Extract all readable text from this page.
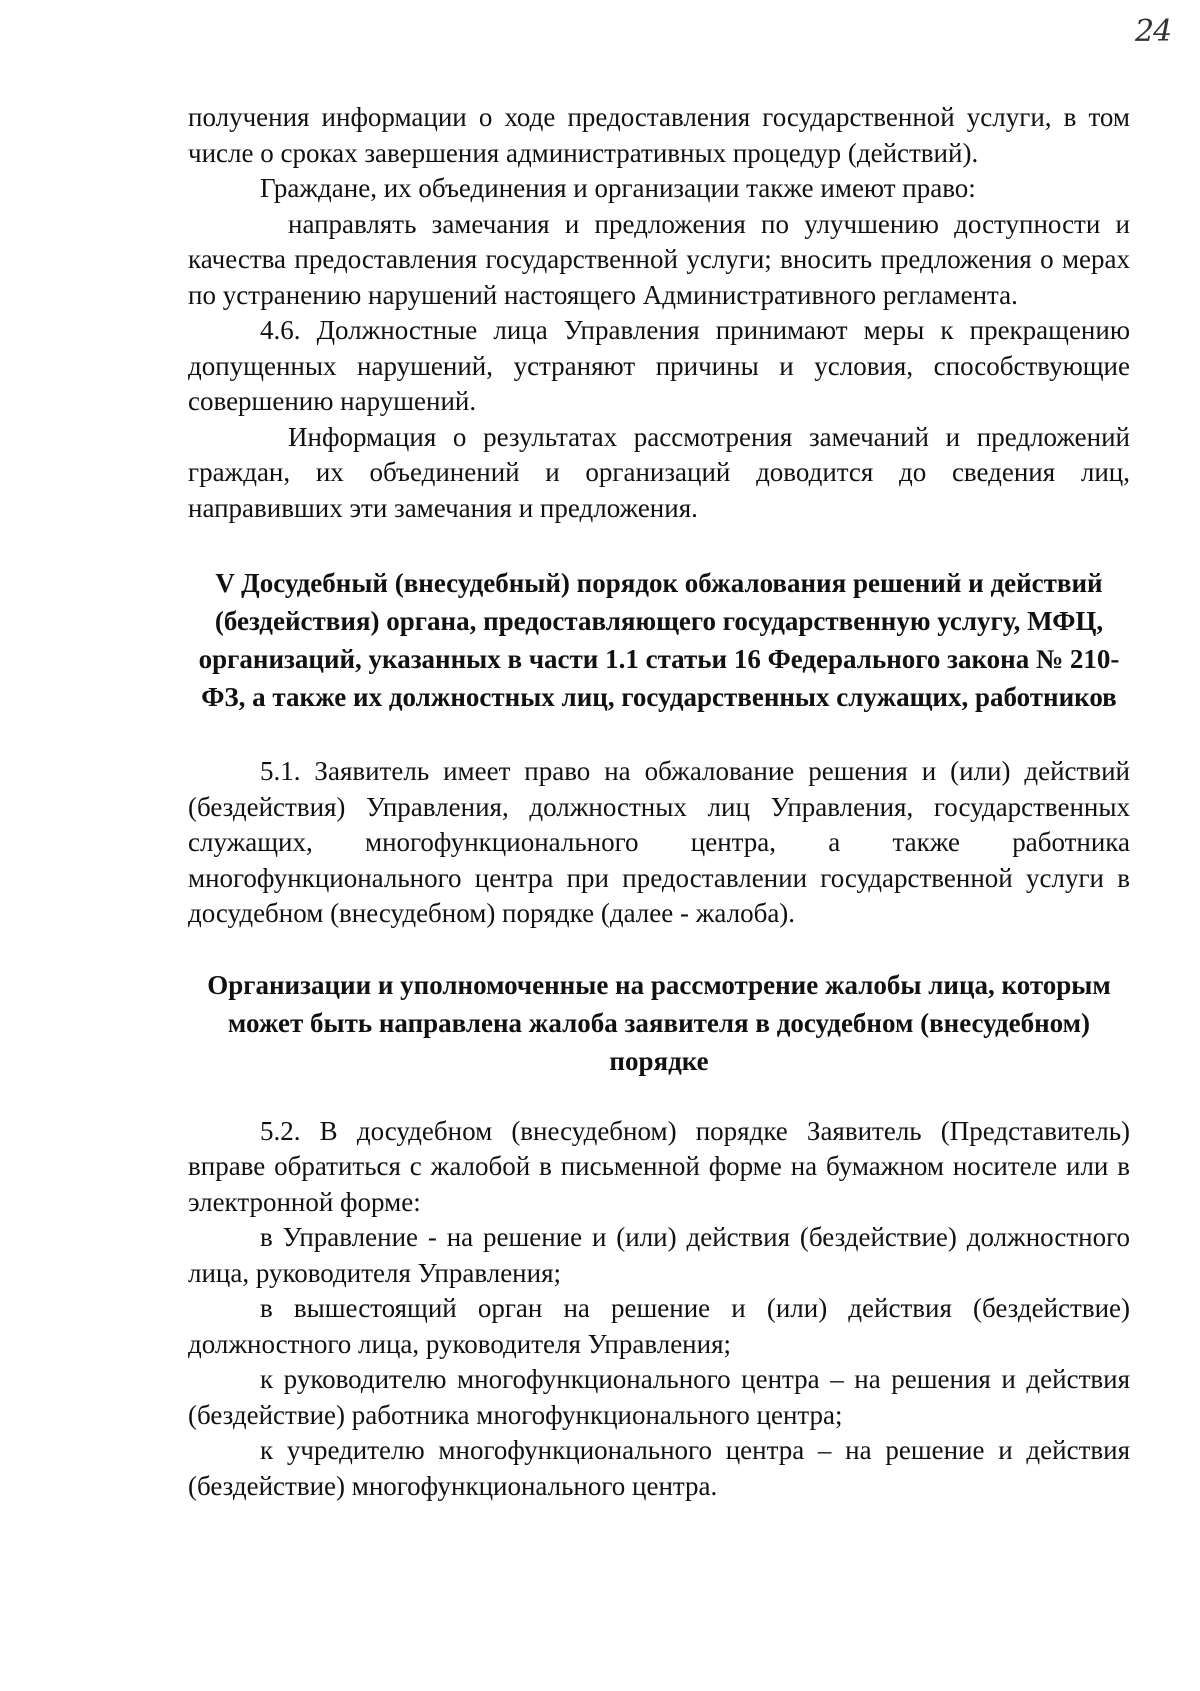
24

получения информации о ходе предоставления государственной услуги, в том числе о сроках завершения административных процедур (действий).

Граждане, их объединения и организации также имеют право:

направлять замечания и предложения по улучшению доступности и качества предоставления государственной услуги; вносить предложения о мерах по устранению нарушений настоящего Административного регламента.

4.6. Должностные лица Управления принимают меры к прекращению допущенных нарушений, устраняют причины и условия, способствующие совершению нарушений.

Информация о результатах рассмотрения замечаний и предложений граждан, их объединений и организаций доводится до сведения лиц, направивших эти замечания и предложения.

V Досудебный (внесудебный) порядок обжалования решений и действий (бездействия) органа, предоставляющего государственную услугу, МФЦ, организаций, указанных в части 1.1 статьи 16 Федерального закона № 210-ФЗ, а также их должностных лиц, государственных служащих, работников

5.1. Заявитель имеет право на обжалование решения и (или) действий (бездействия) Управления, должностных лиц Управления, государственных служащих, многофункционального центра, а также работника многофункционального центра при предоставлении государственной услуги в досудебном (внесудебном) порядке (далее - жалоба).

Организации и уполномоченные на рассмотрение жалобы лица, которым может быть направлена жалоба заявителя в досудебном (внесудебном) порядке

5.2. В досудебном (внесудебном) порядке Заявитель (Представитель) вправе обратиться с жалобой в письменной форме на бумажном носителе или в электронной форме:

в Управление - на решение и (или) действия (бездействие) должностного лица, руководителя Управления;

в вышестоящий орган на решение и (или) действия (бездействие) должностного лица, руководителя Управления;

к руководителю многофункционального центра – на решения и действия (бездействие) работника многофункционального центра;

к учредителю многофункционального центра – на решение и действия (бездействие) многофункционального центра.
